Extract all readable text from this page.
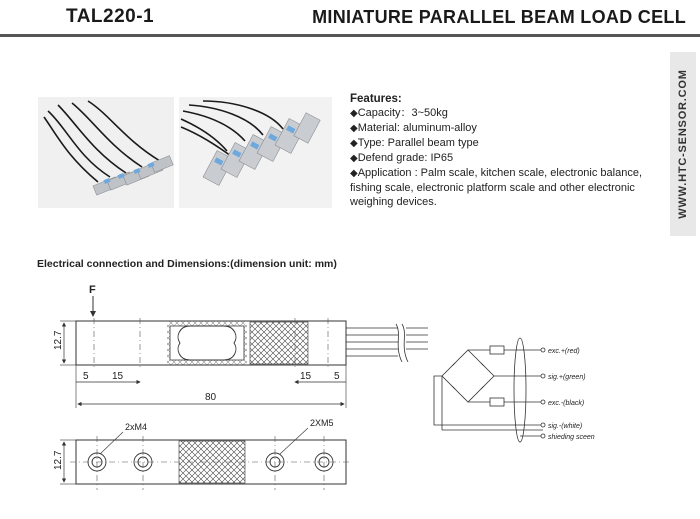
TAL220-1	MINIATURE PARALLEL BEAM LOAD CELL
WWW.HTC-SENSOR.COM
Features:
◆Capacity：3~50kg
◆Material: aluminum-alloy
◆Type: Parallel beam type
◆Defend grade: IP65
◆Application : Palm scale, kitchen scale, electronic balance, fishing scale, electronic platform scale and other electronic weighing devices.
Electrical connection and Dimensions:(dimension unit: mm)
F
12.7
5 15	15 5
80
2xM4	2XM5
12.7
exc.+(red)
sig.+(green)
exc.-(black)
sig.-(white)
shieding sceen
